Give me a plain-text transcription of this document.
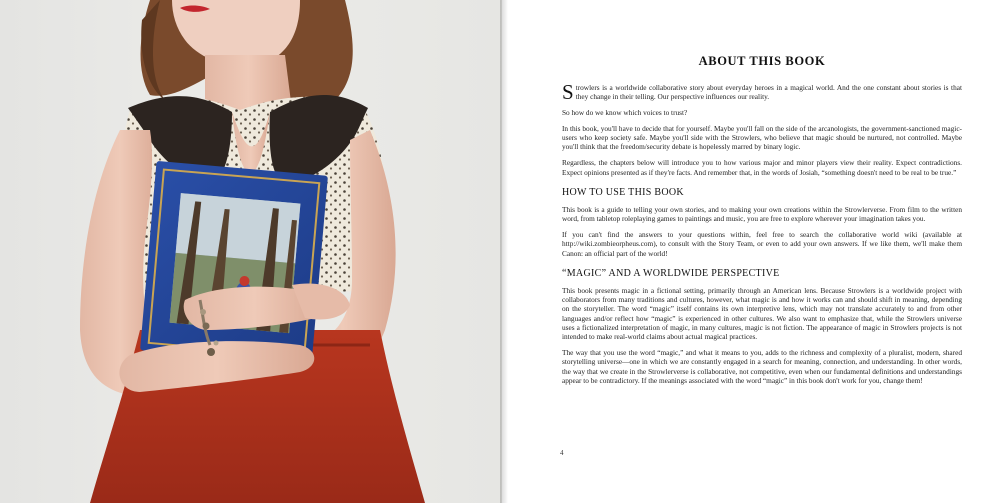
ABOUT THIS BOOK

Strowlers is a worldwide collaborative story about everyday heroes in a magical world. And the one constant about stories is that they change in their telling. Our perspective influences our reality.

So how do we know which voices to trust?

In this book, you'll have to decide that for yourself. Maybe you'll fall on the side of the arcanologists, the government-sanctioned magic-users who keep society safe. Maybe you'll side with the Strowlers, who believe that magic should be nurtured, not controlled. Maybe you'll think that the freedom/security debate is hopelessly marred by binary logic.

Regardless, the chapters below will introduce you to how various major and minor players view their reality. Expect contradictions. Expect opinions presented as if they're facts. And remember that, in the words of Josiah, “something doesn't need to be real to be true.”

HOW TO USE THIS BOOK

This book is a guide to telling your own stories, and to making your own creations within the Strowlerverse. From film to the written word, from tabletop roleplaying games to paintings and music, you are free to explore wherever your imagination takes you.

If you can't find the answers to your questions within, feel free to search the collaborative world wiki (available at http://wiki.zombieorpheus.com), to consult with the Story Team, or even to add your own answers. If we like them, we'll make them Canon: an official part of the world!

“MAGIC” AND A WORLDWIDE PERSPECTIVE

This book presents magic in a fictional setting, primarily through an American lens. Because Strowlers is a worldwide project with collaborators from many traditions and cultures, however, what magic is and how it works can and should shift in meaning, depending on the storyteller. The word “magic” itself contains its own interpretive lens, which may not translate accurately to and from other languages and/or reflect how “magic” is experienced in other cultures. We also want to emphasize that, while the Strowlers universe uses a fictionalized interpretation of magic, in many cultures, magic is not fiction. The appearance of magic in Strowlers projects is not intended to make real-world claims about actual magical practices.

The way that you use the word “magic,” and what it means to you, adds to the richness and complexity of a pluralist, modern, shared storytelling universe—one in which we are constantly engaged in a search for meaning, connection, and understanding. In other words, the way that we create in the Strowlerverse is collaborative, not competitive, even when our fundamental definitions and understandings appear to be contradictory. If the meanings associated with the word “magic” in this book don't work for you, change them!

4
